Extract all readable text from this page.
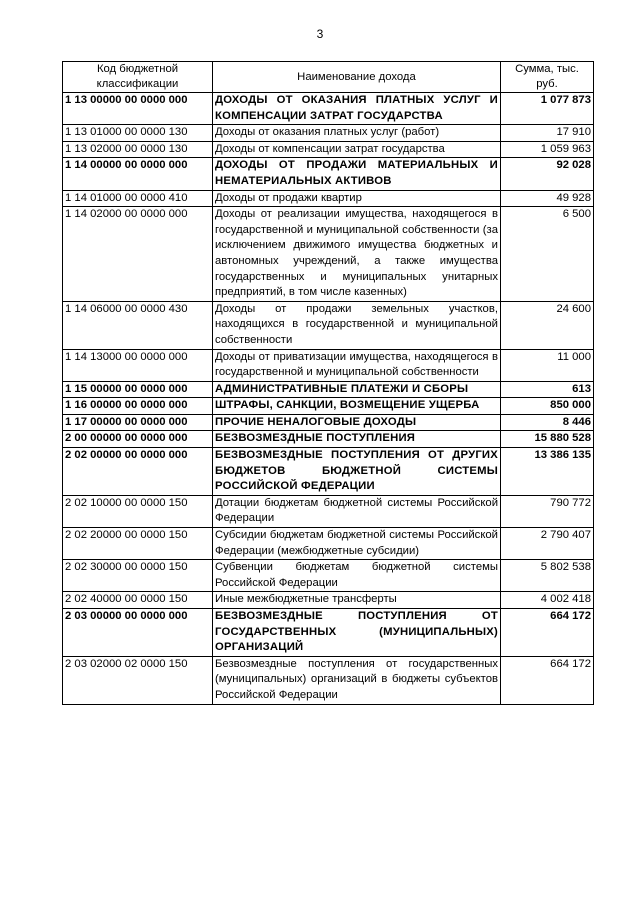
3
Код бюджетной классификации	Наименование дохода	Сумма, тыс. руб.
1 13 00000 00 0000 000	ДОХОДЫ ОТ ОКАЗАНИЯ ПЛАТНЫХ УСЛУГ И КОМПЕНСАЦИИ ЗАТРАТ ГОСУДАРСТВА	1 077 873
1 13 01000 00 0000 130	Доходы от оказания платных услуг (работ)	17 910
1 13 02000 00 0000 130	Доходы от компенсации затрат государства	1 059 963
1 14 00000 00 0000 000	ДОХОДЫ ОТ ПРОДАЖИ МАТЕРИАЛЬНЫХ И НЕМАТЕРИАЛЬНЫХ АКТИВОВ	92 028
1 14 01000 00 0000 410	Доходы от продажи квартир	49 928
1 14 02000 00 0000 000	Доходы от реализации имущества, находящегося в государственной и муниципальной собственности (за исключением движимого имущества бюджетных и автономных учреждений, а также имущества государственных и муниципальных унитарных предприятий, в том числе казенных)	6 500
1 14 06000 00 0000 430	Доходы от продажи земельных участков, находящихся в государственной и муниципальной собственности	24 600
1 14 13000 00 0000 000	Доходы от приватизации имущества, находящегося в государственной и муниципальной собственности	11 000
1 15 00000 00 0000 000	АДМИНИСТРАТИВНЫЕ ПЛАТЕЖИ И СБОРЫ	613
1 16 00000 00 0000 000	ШТРАФЫ, САНКЦИИ, ВОЗМЕЩЕНИЕ УЩЕРБА	850 000
1 17 00000 00 0000 000	ПРОЧИЕ НЕНАЛОГОВЫЕ ДОХОДЫ	8 446
2 00 00000 00 0000 000	БЕЗВОЗМЕЗДНЫЕ ПОСТУПЛЕНИЯ	15 880 528
2 02 00000 00 0000 000	БЕЗВОЗМЕЗДНЫЕ ПОСТУПЛЕНИЯ ОТ ДРУГИХ БЮДЖЕТОВ БЮДЖЕТНОЙ СИСТЕМЫ РОССИЙСКОЙ ФЕДЕРАЦИИ	13 386 135
2 02 10000 00 0000 150	Дотации бюджетам бюджетной системы Российской Федерации	790 772
2 02 20000 00 0000 150	Субсидии бюджетам бюджетной системы Российской Федерации (межбюджетные субсидии)	2 790 407
2 02 30000 00 0000 150	Субвенции бюджетам бюджетной системы Российской Федерации	5 802 538
2 02 40000 00 0000 150	Иные межбюджетные трансферты	4 002 418
2 03 00000 00 0000 000	БЕЗВОЗМЕЗДНЫЕ ПОСТУПЛЕНИЯ ОТ ГОСУДАРСТВЕННЫХ (МУНИЦИПАЛЬНЫХ) ОРГАНИЗАЦИЙ	664 172
2 03 02000 02 0000 150	Безвозмездные поступления от государственных (муниципальных) организаций в бюджеты субъектов Российской Федерации	664 172
